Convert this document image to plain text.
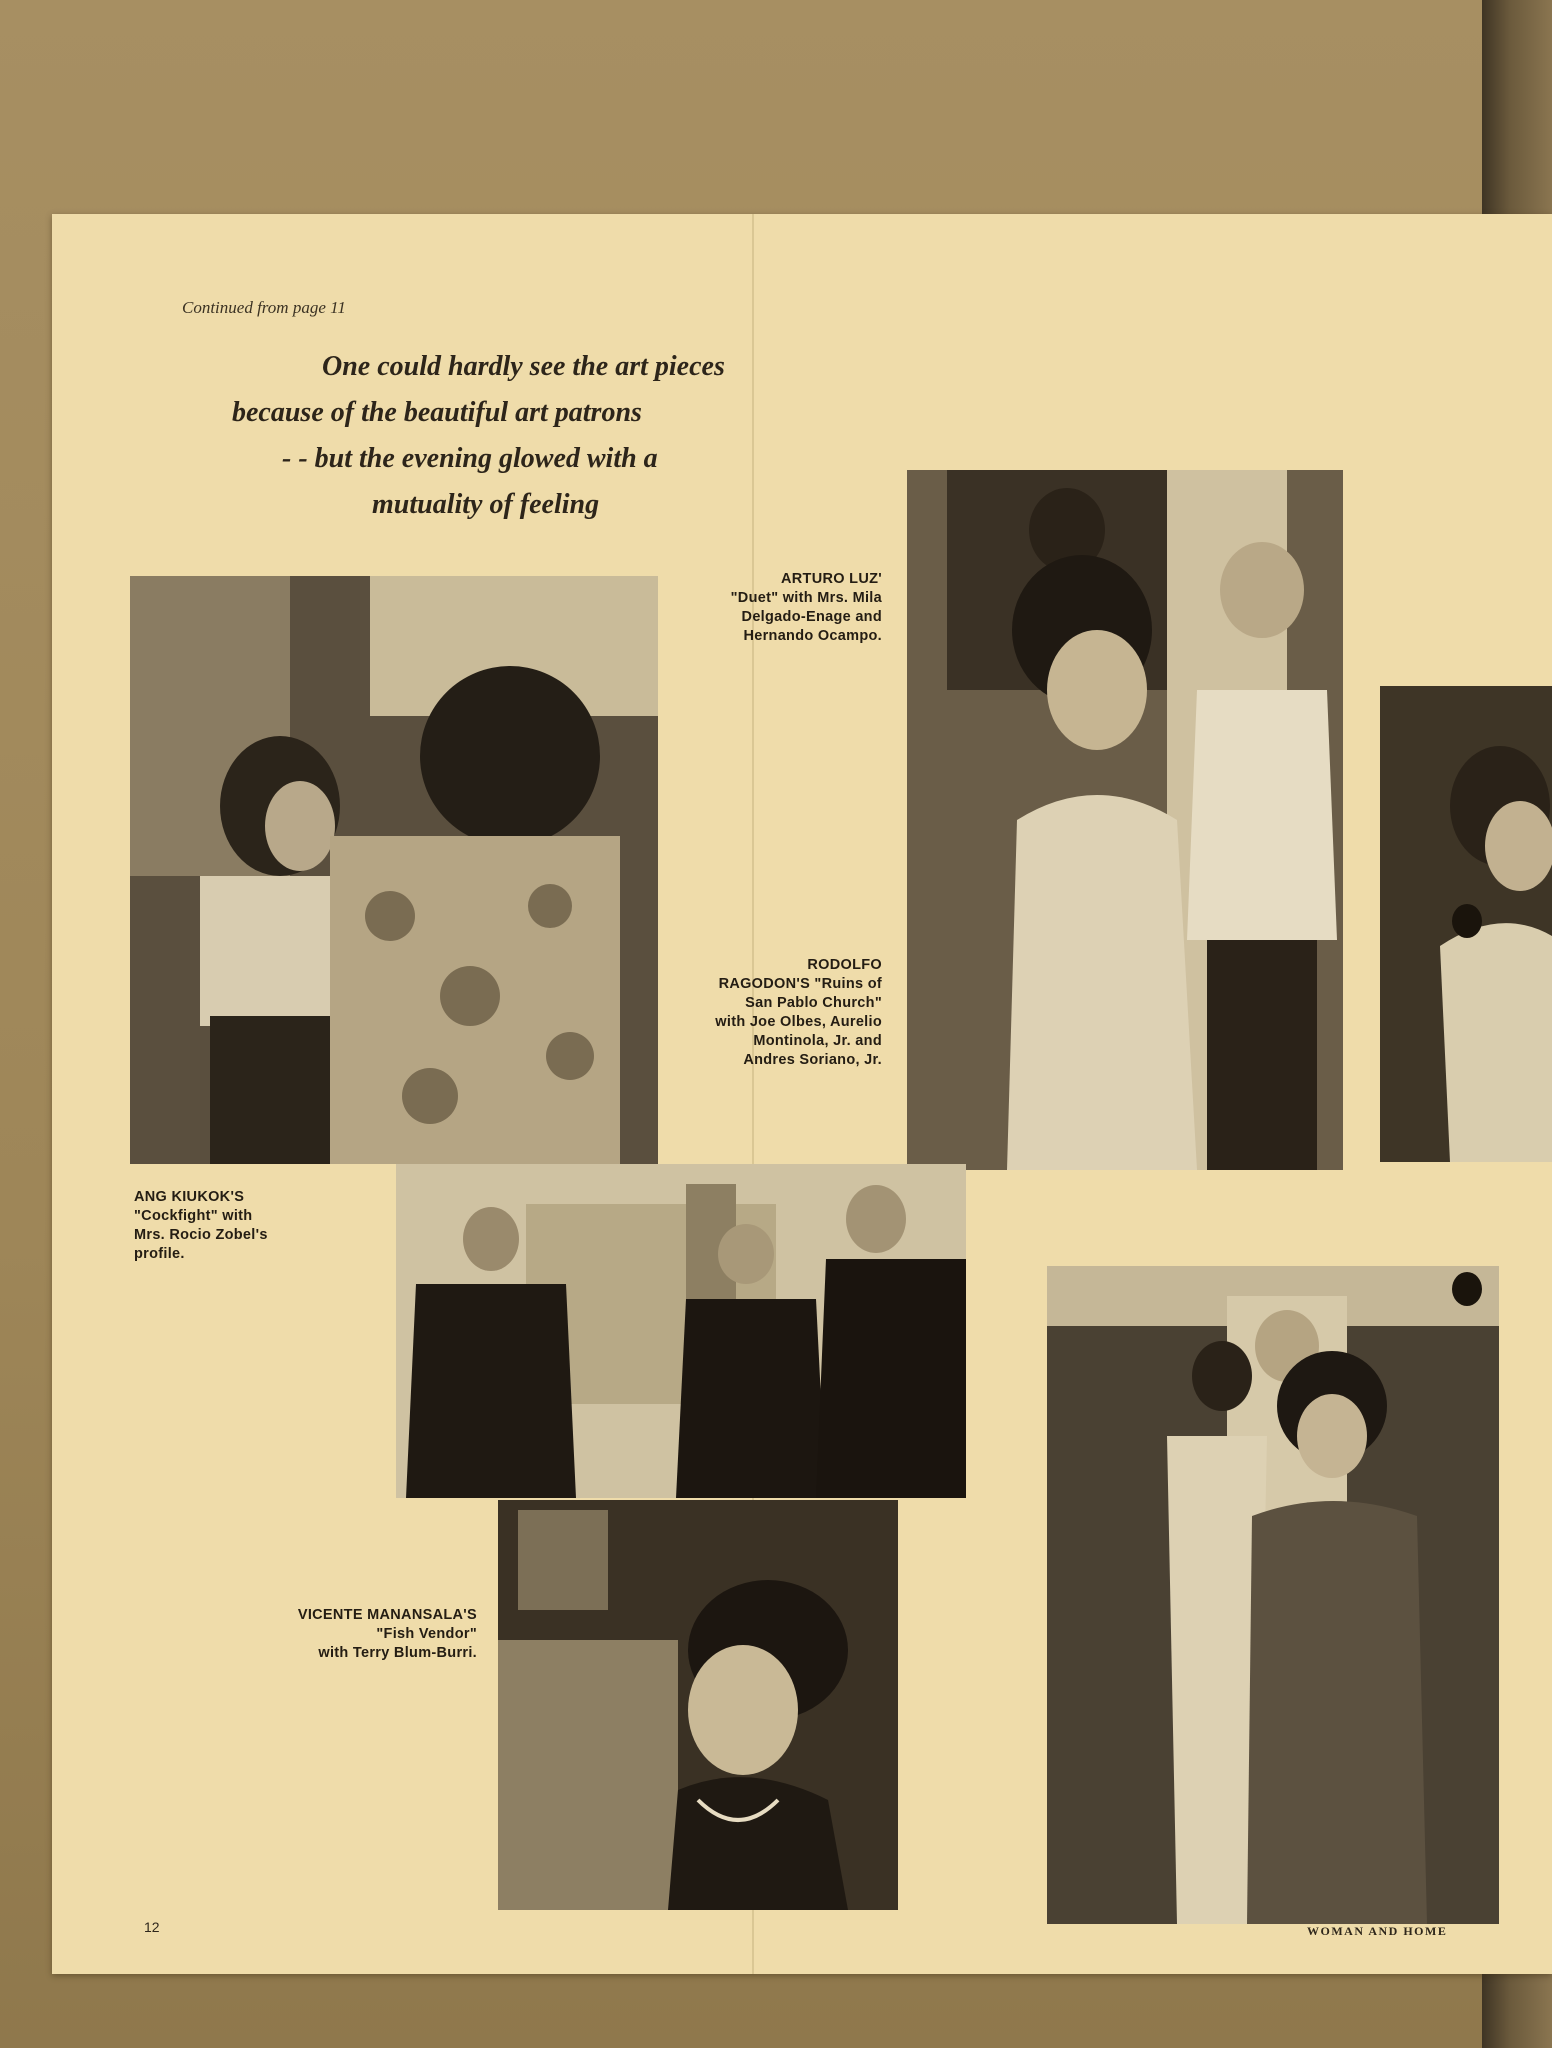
Continued from page 11
One could hardly see the art pieces
because of the beautiful art patrons
- - but the evening glowed with a
mutuality of feeling
ARTURO LUZ'
"Duet" with Mrs. Mila
Delgado-Enage and
Hernando Ocampo.
RODOLFO
RAGODON'S "Ruins of
San Pablo Church"
with Joe Olbes, Aurelio
Montinola, Jr. and
Andres Soriano, Jr.
ANG KIUKOK'S
"Cockfight" with
Mrs. Rocio Zobel's
profile.
VICENTE MANANSALA'S
"Fish Vendor"
with Terry Blum-Burri.
12	WOMAN AND HOME
